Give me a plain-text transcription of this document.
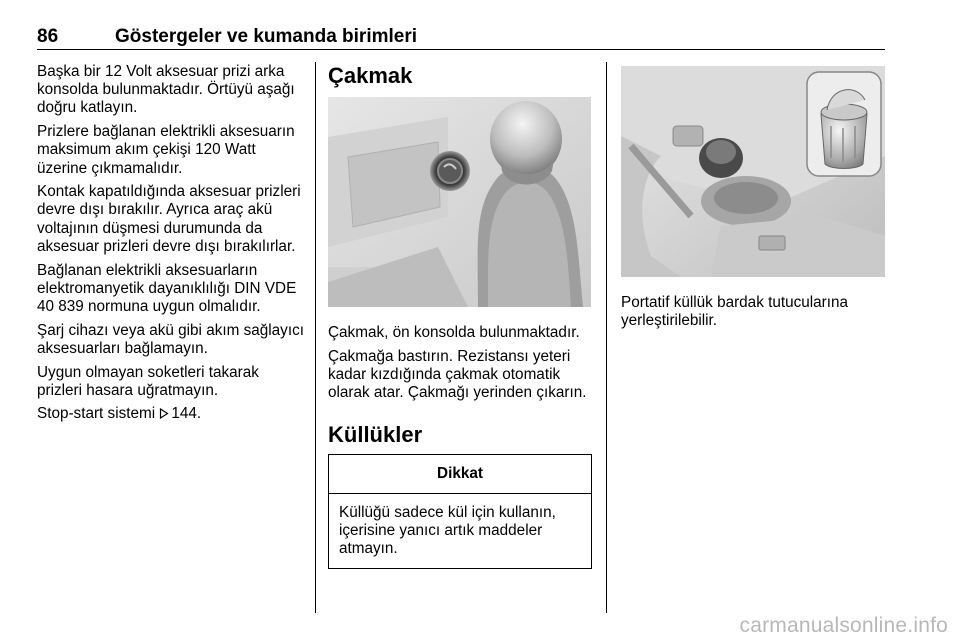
86	Göstergeler ve kumanda birimleri

Başka bir 12 Volt aksesuar prizi arka konsolda bulunmaktadır. Örtüyü aşağı doğru katlayın.

Prizlere bağlanan elektrikli aksesuarın maksimum akım çekişi 120 Watt üzerine çıkmamalıdır.

Kontak kapatıldığında aksesuar prizleri devre dışı bırakılır. Ayrıca araç akü voltajının düşmesi durumunda da aksesuar prizleri devre dışı bırakılırlar.

Bağlanan elektrikli aksesuarların elektromanyetik dayanıklılığı DIN VDE 40 839 normuna uygun olmalıdır.

Şarj cihazı veya akü gibi akım sağlayıcı aksesuarları bağlamayın.

Uygun olmayan soketleri takarak prizleri hasara uğratmayın.

Stop-start sistemi 144.

Çakmak

Çakmak, ön konsolda bulunmaktadır.

Çakmağa bastırın. Rezistansı yeteri kadar kızdığında çakmak otomatik olarak atar. Çakmağı yerinden çıkarın.

Küllükler
Dikkat
Küllüğü sadece kül için kullanın, içerisine yanıcı artık maddeler atmayın.

Portatif küllük bardak tutucularına yerleştirilebilir.

carmanualsonline.info
